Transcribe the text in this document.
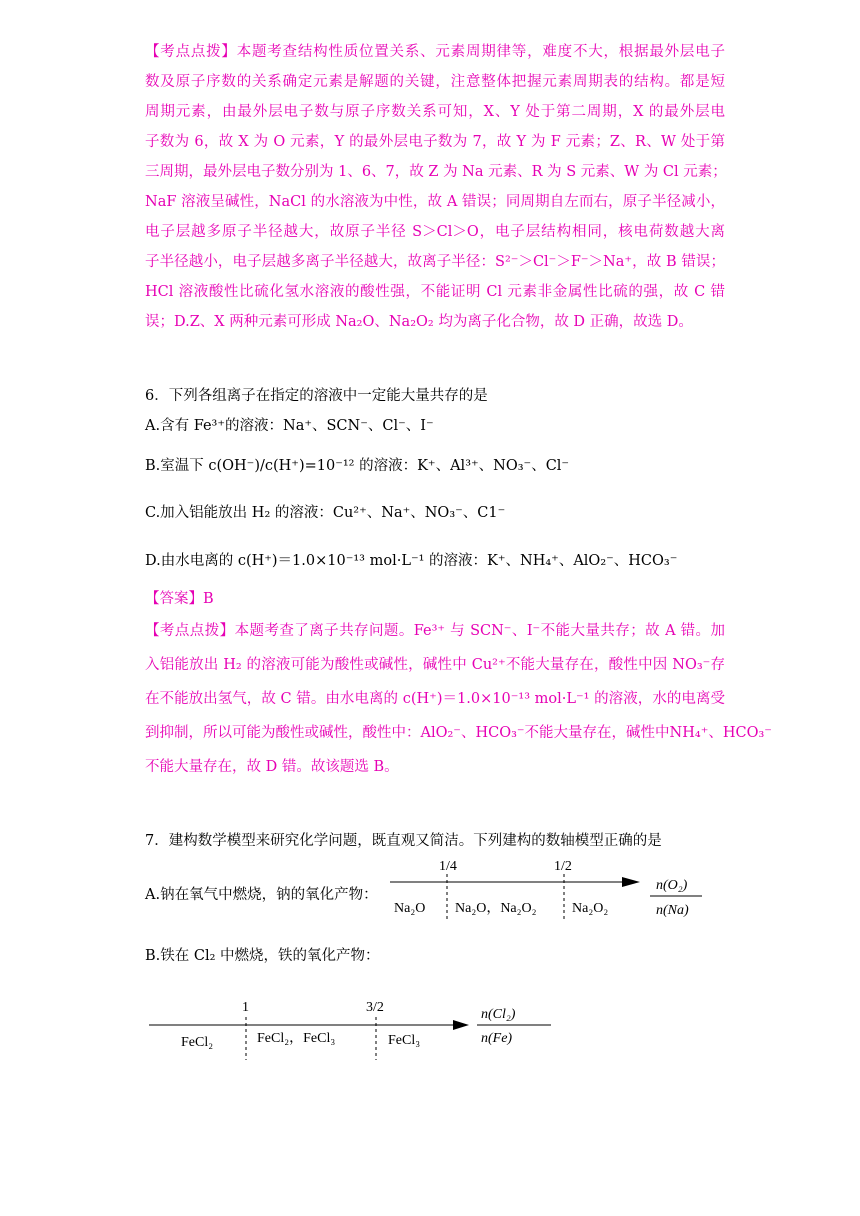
【考点点拨】本题考查结构性质位置关系、元素周期律等，难度不大，根据最外层电子
数及原子序数的关系确定元素是解题的关键，注意整体把握元素周期表的结构。都是短
周期元素，由最外层电子数与原子序数关系可知，X、Y 处于第二周期，X 的最外层电
子数为 6，故 X 为 O 元素，Y 的最外层电子数为 7，故 Y 为 F 元素；Z、R、W 处于第
三周期，最外层电子数分别为 1、6、7，故 Z 为 Na 元素、R 为 S 元素、W 为 Cl 元素；
NaF 溶液呈碱性，NaCl 的水溶液为中性，故 A 错误；同周期自左而右，原子半径减小，
电子层越多原子半径越大，故原子半径 S＞Cl＞O，电子层结构相同，核电荷数越大离
子半径越小，电子层越多离子半径越大，故离子半径：S²⁻＞Cl⁻＞F⁻＞Na⁺，故 B 错误；
HCl 溶液酸性比硫化氢水溶液的酸性强，不能证明 Cl 元素非金属性比硫的强，故 C 错
误；D.Z、X 两种元素可形成 Na₂O、Na₂O₂ 均为离子化合物，故 D 正确，故选 D。
6．下列各组离子在指定的溶液中一定能大量共存的是
A.含有 Fe³⁺的溶液：Na⁺、SCN⁻、Cl⁻、I⁻
B.室温下 c(OH⁻)/c(H⁺)=10⁻¹² 的溶液：K⁺、Al³⁺、NO₃⁻、Cl⁻
C.加入铝能放出 H₂ 的溶液：Cu²⁺、Na⁺、NO₃⁻、C1⁻
D.由水电离的 c(H⁺)＝1.0×10⁻¹³ mol·L⁻¹ 的溶液：K⁺、NH₄⁺、AlO₂⁻、HCO₃⁻
【答案】B
【考点点拨】本题考查了离子共存问题。Fe³⁺ 与 SCN⁻、I⁻不能大量共存；故 A 错。加
入铝能放出 H₂ 的溶液可能为酸性或碱性，碱性中 Cu²⁺不能大量存在，酸性中因 NO₃⁻存
在不能放出氢气，故 C 错。由水电离的 c(H⁺)＝1.0×10⁻¹³ mol·L⁻¹ 的溶液，水的电离受
到抑制，所以可能为酸性或碱性，酸性中：AlO₂⁻、HCO₃⁻不能大量存在，碱性中NH₄⁺、HCO₃⁻
不能大量存在，故 D 错。故该题选 B。
7．建构数学模型来研究化学问题，既直观又简洁。下列建构的数轴模型正确的是
A.钠在氧气中燃烧，钠的氧化产物：
1/4	1/2
Na₂O Na₂O，Na₂O₂	Na₂O₂
n(O₂)
n(Na)
B.铁在 Cl₂ 中燃烧，铁的氧化产物：
1	3/2
FeCl₂	FeCl₂，FeCl₃	FeCl₃
n(Cl₂)
n(Fe)
